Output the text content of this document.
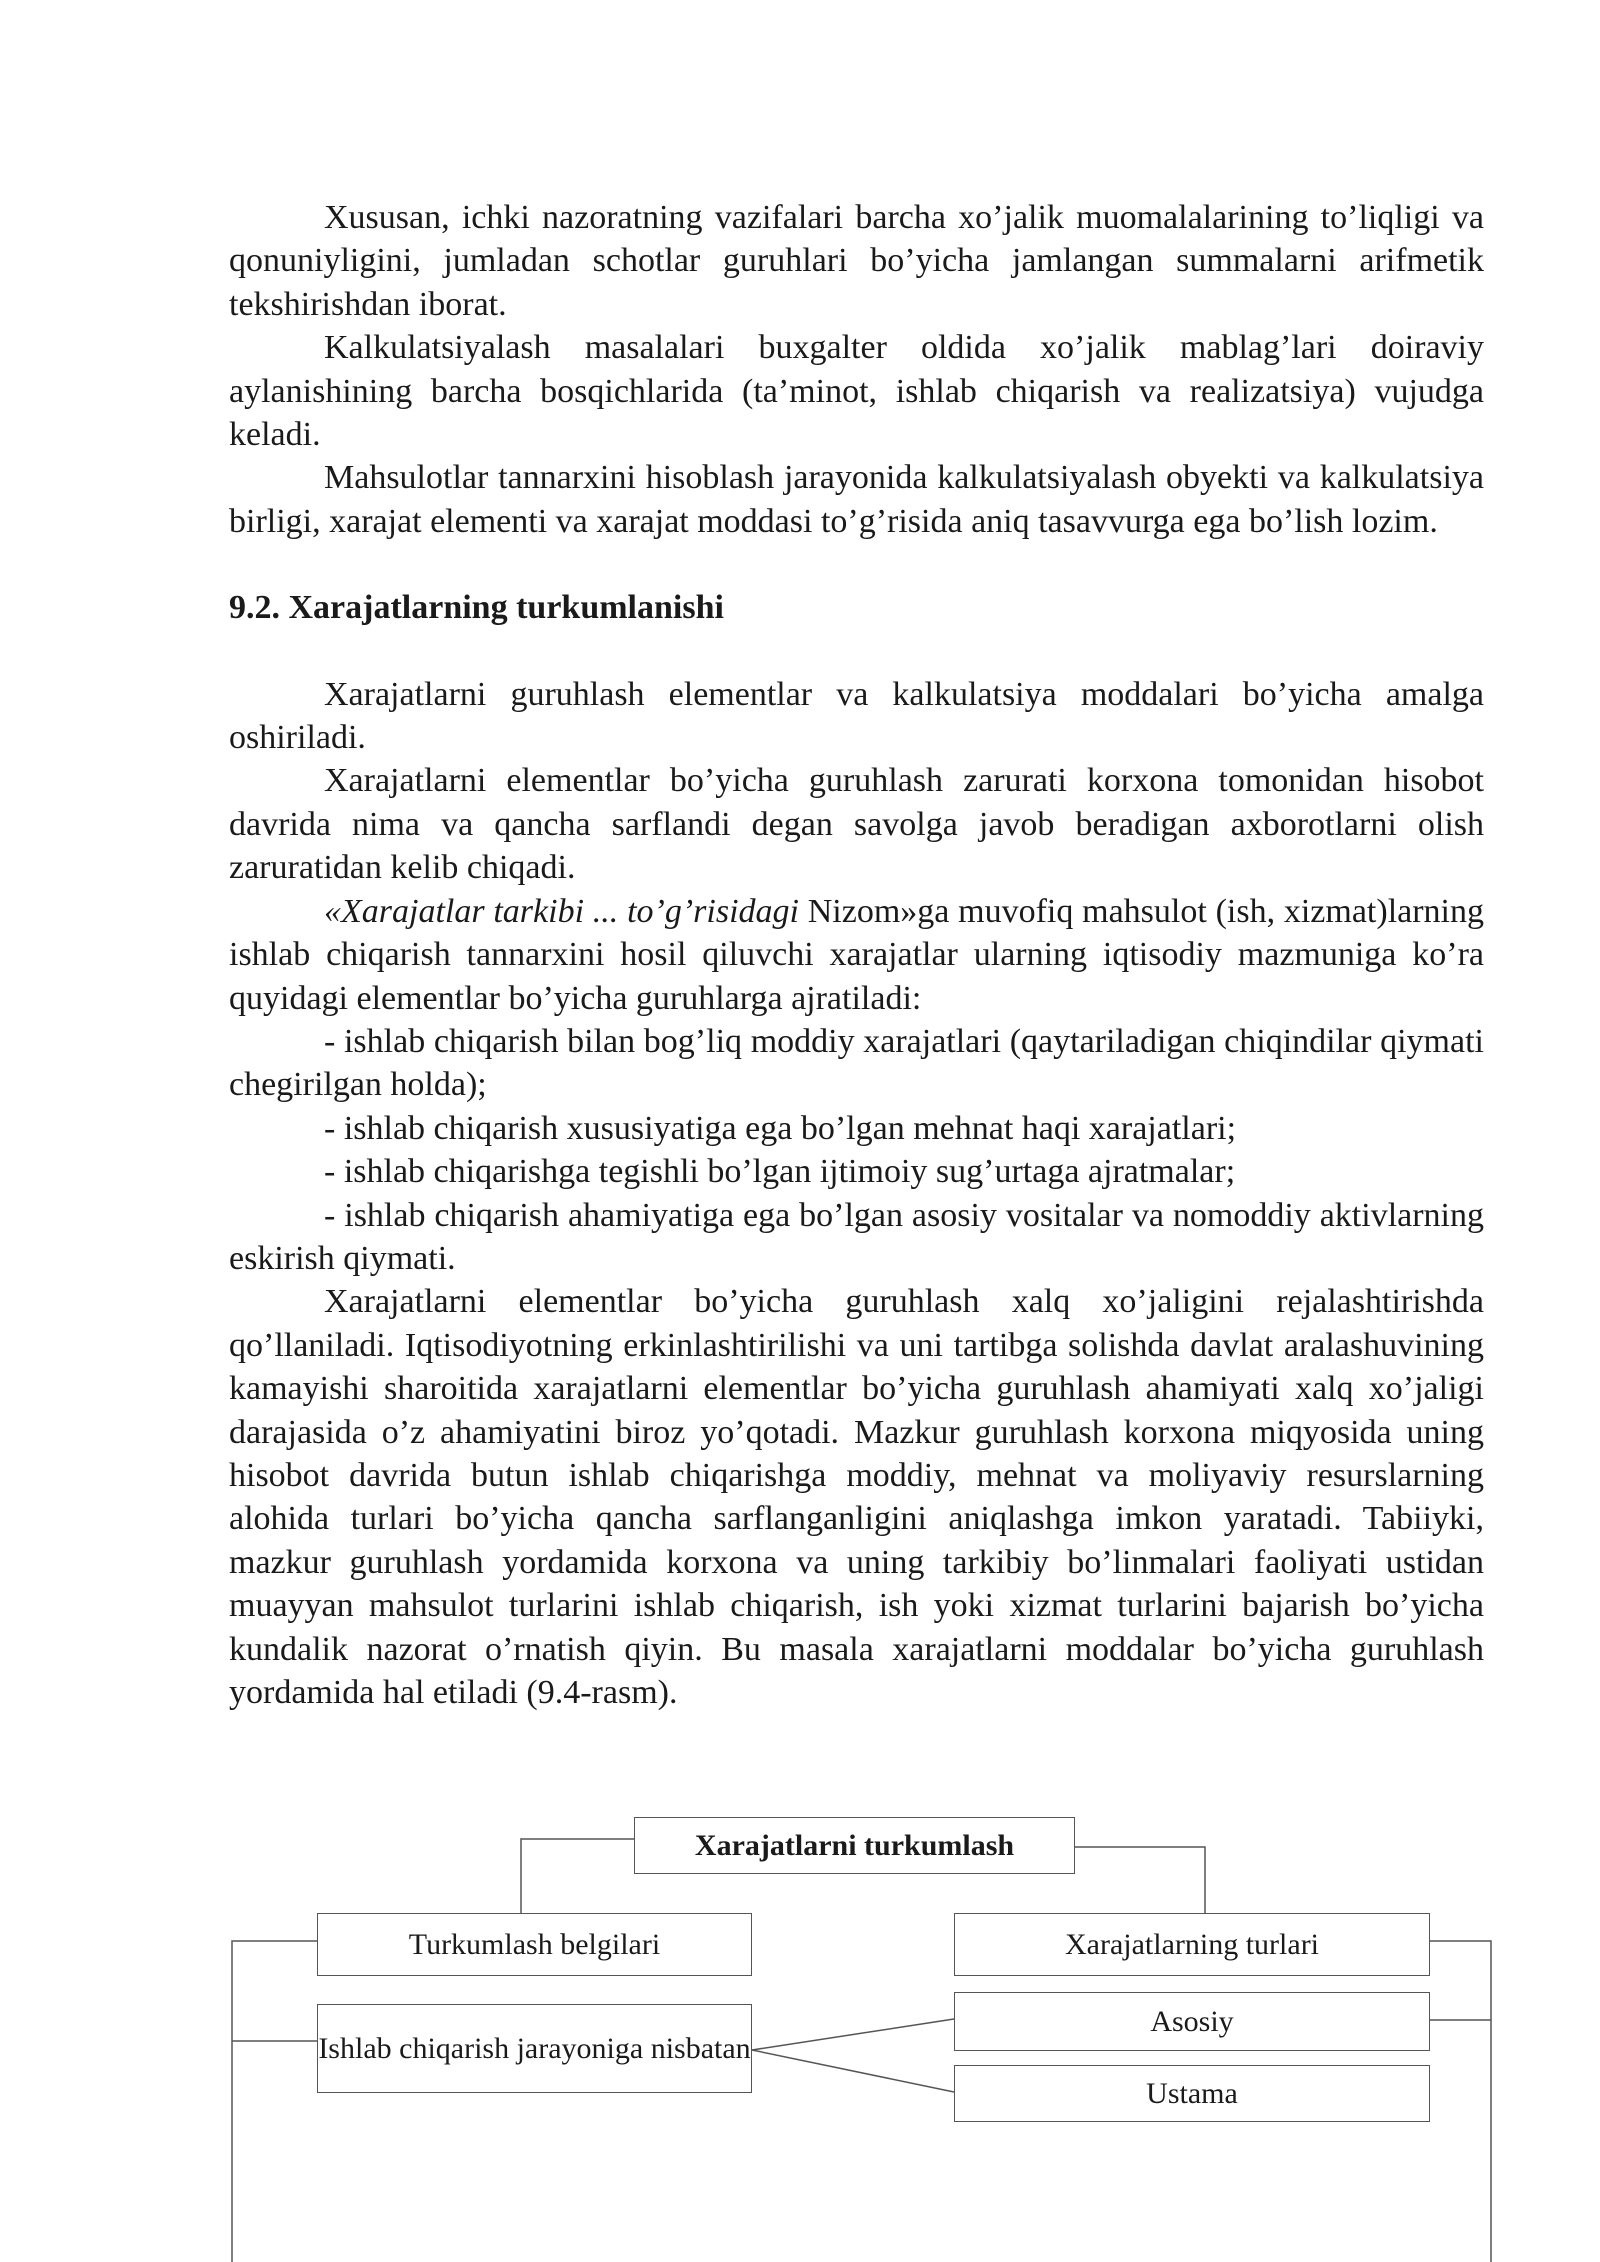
Xususan, ichki nazoratning vazifalari barcha xo’jalik muomalalarining to’liqligi va qonuniyligini, jumladan schotlar guruhlari bo’yicha jamlangan summalarni arifmetik tekshirishdan iborat.

Kalkulatsiyalash masalalari buxgalter oldida xo’jalik mablag’lari doiraviy aylanishining barcha bosqichlarida (ta’minot, ishlab chiqarish va realizatsiya) vujudga keladi.

Mahsulotlar tannarxini hisoblash jarayonida kalkulatsiyalash obyekti va kalkulatsiya birligi, xarajat elementi va xarajat moddasi to’g’risida aniq tasavvurga ega bo’lish lozim.

9.2. Xarajatlarning turkumlanishi

Xarajatlarni guruhlash elementlar va kalkulatsiya moddalari bo’yicha amalga oshiriladi.

Xarajatlarni elementlar bo’yicha guruhlash zarurati korxona tomonidan hisobot davrida nima va qancha sarflandi degan savolga javob beradigan axborotlarni olish zaruratidan kelib chiqadi.

«Xarajatlar tarkibi ... to’g’risidagi Nizom»ga muvofiq mahsulot (ish, xizmat)larning ishlab chiqarish tannarxini hosil qiluvchi xarajatlar ularning iqtisodiy mazmuniga ko’ra quyidagi elementlar bo’yicha guruhlarga ajratiladi:

- ishlab chiqarish bilan bog’liq moddiy xarajatlari (qaytariladigan chiqindilar qiymati chegirilgan holda);

- ishlab chiqarish xususiyatiga ega bo’lgan mehnat haqi xarajatlari;

- ishlab chiqarishga tegishli bo’lgan ijtimoiy sug’urtaga ajratmalar;

- ishlab chiqarish ahamiyatiga ega bo’lgan asosiy vositalar va nomoddiy aktivlarning eskirish qiymati.

Xarajatlarni elementlar bo’yicha guruhlash xalq xo’jaligini rejalashtirishda qo’llaniladi. Iqtisodiyotning erkinlashtirilishi va uni tartibga solishda davlat aralashuvining kamayishi sharoitida xarajatlarni elementlar bo’yicha guruhlash ahamiyati xalq xo’jaligi darajasida o’z ahamiyatini biroz yo’qotadi. Mazkur guruhlash korxona miqyosida uning hisobot davrida butun ishlab chiqarishga moddiy, mehnat va moliyaviy resurslarning alohida turlari bo’yicha qancha sarflanganligini aniqlashga imkon yaratadi. Tabiiyki, mazkur guruhlash yordamida korxona va uning tarkibiy bo’linmalari faoliyati ustidan muayyan mahsulot turlarini ishlab chiqarish, ish yoki xizmat turlarini bajarish bo’yicha kundalik nazorat o’rnatish qiyin. Bu masala xarajatlarni moddalar bo’yicha guruhlash yordamida hal etiladi (9.4-rasm).

Xarajatlarni turkumlash
Turkumlash belgilari	Xarajatlarning turlari
Ishlab chiqarish jarayoniga nisbatan
Asosiy
Ustama
